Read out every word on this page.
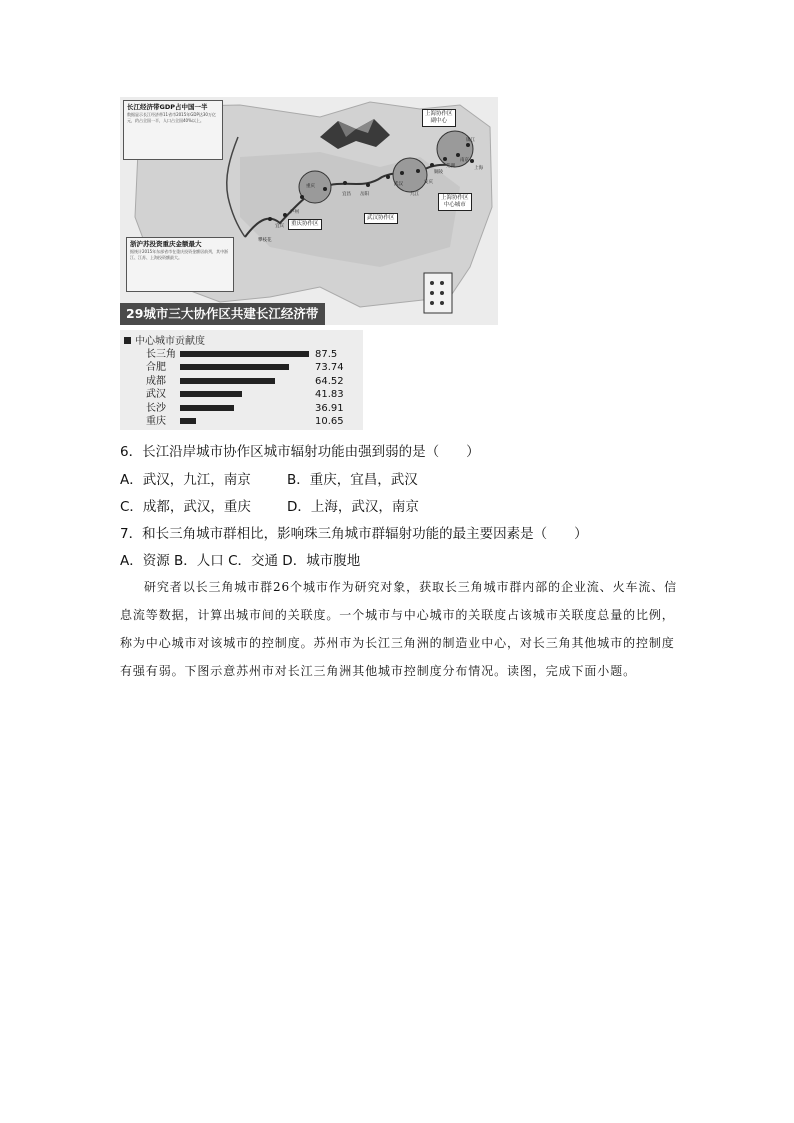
长江经济带GDP占中国一半
数据显示长江经济带11省市2015年GDP达30万亿元，约占全国一半，人口占全国40%以上。
浙沪苏投资重庆金额最大
据统计2015年东部省市在重庆投资金额居前列，其中浙江、江苏、上海投资额最大。
重庆协作区
武汉协作区
上海协作区
副中心
上海协作区
中心城市
攀枝花
宜宾
泸州
重庆
宜昌 岳阳
武汉
九江
安庆
铜陵
芜湖
南京
镇江
上海
29城市三大协作区共建长江经济带
中心城市贡献度
长三角	87.5
合肥	73.74
成都	64.52
武汉	41.83
长沙	36.91
重庆	10.65
6．长江沿岸城市协作区城市辐射功能由强到弱的是（　　）
A．武汉，九江，南京	B．重庆，宜昌，武汉
C．成都，武汉，重庆	D．上海，武汉，南京
7．和长三角城市群相比，影响珠三角城市群辐射功能的最主要因素是（　　）
A．资源 B．人口 C．交通 D．城市腹地

研究者以长三角城市群26个城市作为研究对象，获取长三角城市群内部的企业流、火车流、信息流等数据，计算出城市间的关联度。一个城市与中心城市的关联度占该城市关联度总量的比例，称为中心城市对该城市的控制度。苏州市为长江三角洲的制造业中心，对长三角其他城市的控制度有强有弱。下图示意苏州市对长江三角洲其他城市控制度分布情况。读图，完成下面小题。
